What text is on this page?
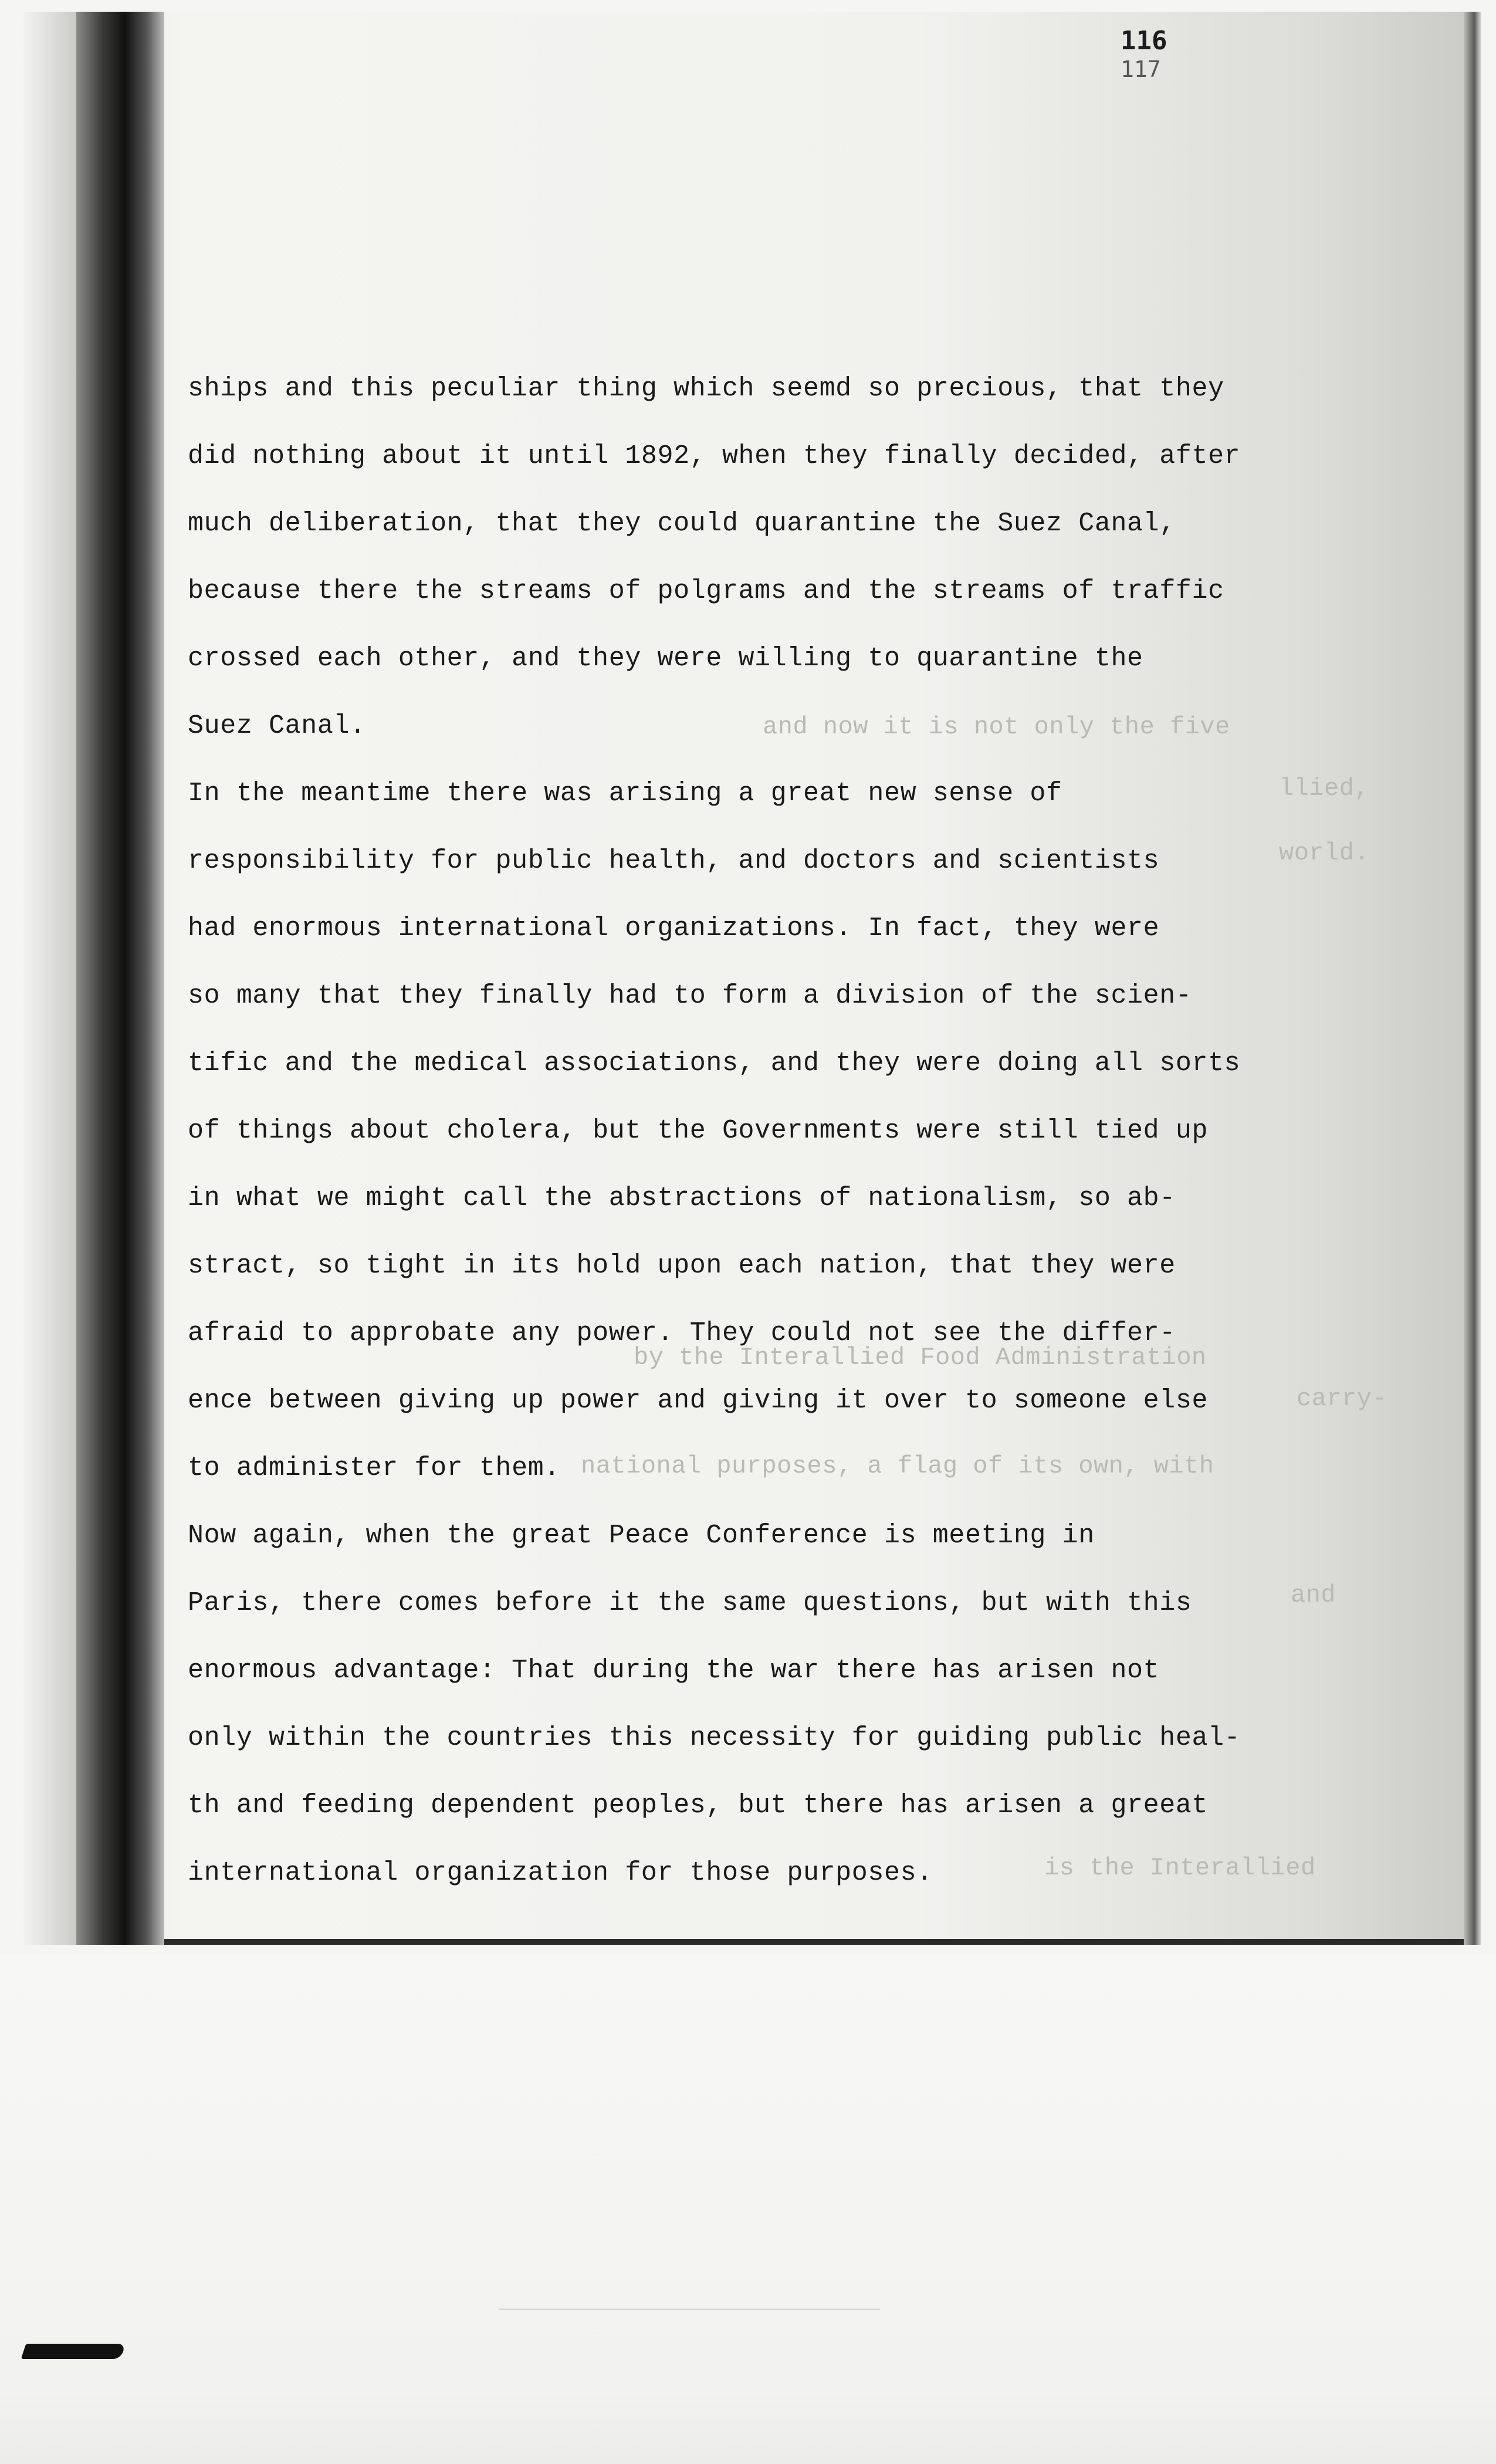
116
117
and now it is not only the five
llied,
world.
by the Interallied Food Administration
carry-
national purposes, a flag of its own, with
and
is the Interallied
ships and this peculiar thing which seemd so precious, that they
did nothing about it until 1892, when they finally decided, after
much deliberation, that they could quarantine the Suez Canal,
because there the streams of polgrams and the streams of traffic
crossed each other, and they were willing to quarantine the
Suez Canal.
In the meantime there was arising a great new sense of
responsibility for public health, and doctors and scientists
had enormous international organizations. In fact, they were
so many that they finally had to form a division of the scien-
tific and the medical associations, and they were doing all sorts
of things about cholera, but the Governments were still tied up
in what we might call the abstractions of nationalism, so ab-
stract, so tight in its hold upon each nation, that they were
afraid to approbate any power. They could not see the differ-
ence between giving up power and giving it over to someone else
to administer for them.
Now again, when the great Peace Conference is meeting in
Paris, there comes before it the same questions, but with this
enormous advantage: That during the war there has arisen not
only within the countries this necessity for guiding public heal-
th and feeding dependent peoples, but there has arisen a greeat
international organization for those purposes.
